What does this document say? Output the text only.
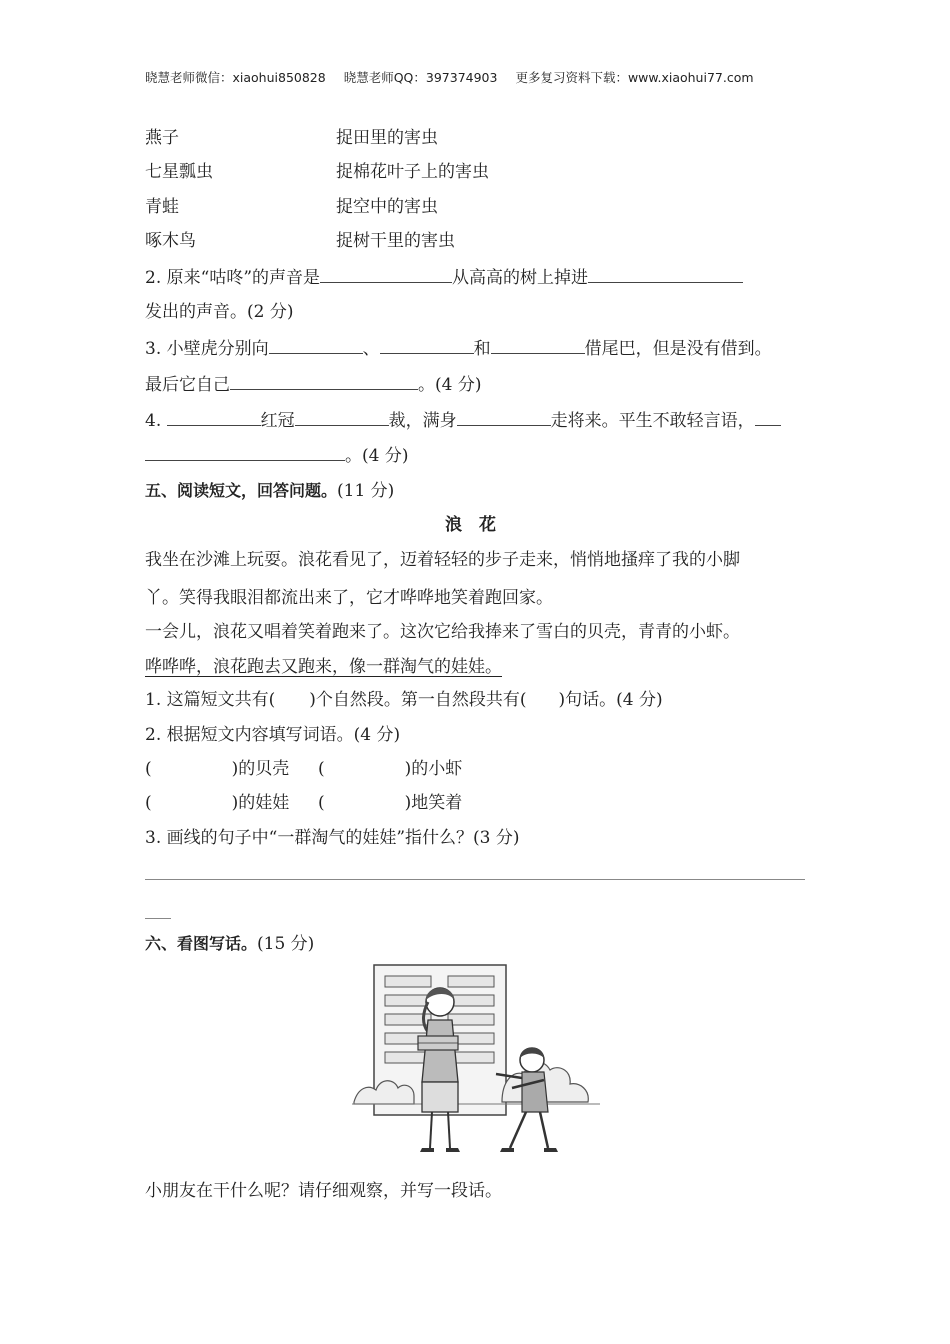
晓慧老师微信：xiaohui850828 晓慧老师QQ：397374903 更多复习资料下载：www.xiaohui77.com
燕子	捉田里的害虫
七星瓢虫	捉棉花叶子上的害虫
青蛙	捉空中的害虫
啄木鸟	捉树干里的害虫
2. 原来“咕咚”的声音是	从高高的树上掉进
发出的声音。(2 分)
3. 小壁虎分别向	、	和	借尾巴，但是没有借到。
最后它自己	。(4 分)
4.	红冠	裁，满身	走将来。平生不敢轻言语，
。(4 分)
五、阅读短文，回答问题。(11 分)
浪　花
我坐在沙滩上玩耍。浪花看见了，迈着轻轻的步子走来，悄悄地搔痒了我的小脚
丫。笑得我眼泪都流出来了，它才哗哗地笑着跑回家。
一会儿，浪花又唱着笑着跑来了。这次它给我捧来了雪白的贝壳，青青的小虾。
哗哗哗，浪花跑去又跑来，像一群淘气的娃娃。
1. 这篇短文共有( )个自然段。第一自然段共有( )句话。(4 分)
2. 根据短文内容填写词语。(4 分)
(	)的贝壳 (	)的小虾
(	)的娃娃 (	)地笑着
3. 画线的句子中“一群淘气的娃娃”指什么？(3 分)
六、看图写话。(15 分)
小朋友在干什么呢？请仔细观察，并写一段话。
